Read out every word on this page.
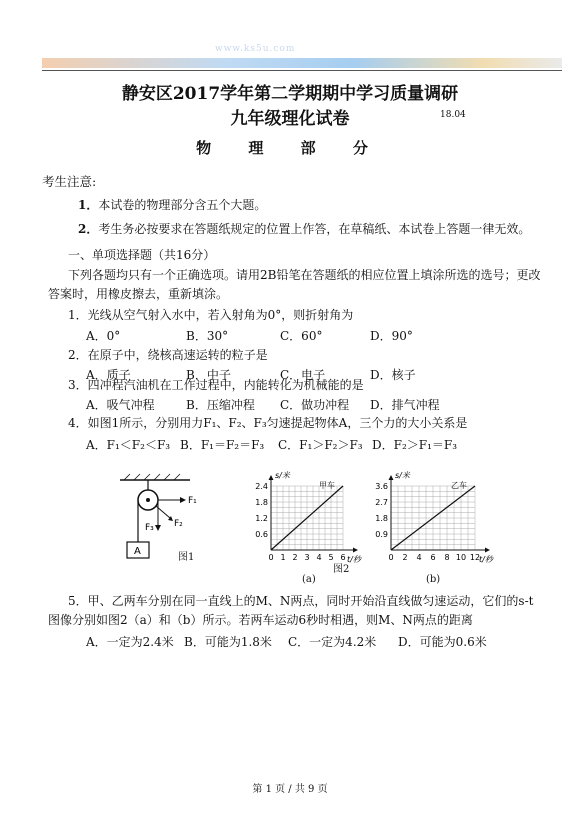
www.ks5u.com
静安区2017学年第二学期期中学习质量调研
九年级理化试卷	18.04
物 理 部 分
考生注意:
1．本试卷的物理部分含五个大题。
2．考生务必按要求在答题纸规定的位置上作答，在草稿纸、本试卷上答题一律无效。
一、单项选择题（共16分）
下列各题均只有一个正确选项。请用2B铅笔在答题纸的相应位置上填涂所选的选号；更改
答案时，用橡皮擦去，重新填涂。
1．光线从空气射入水中，若入射角为0°，则折射角为
A．0°	B．30°	C．60°	D．90°
2．在原子中，绕核高速运转的粒子是
A．质子	B．中子	C．电子	D．核子
3．四冲程汽油机在工作过程中，内能转化为机械能的是
A．吸气冲程	B．压缩冲程 C．做功冲程 D．排气冲程
4．如图1所示，分别用力F₁、F₂、F₃匀速提起物体A，三个力的大小关系是
A．F₁＜F₂＜F₃ B．F₁＝F₂＝F₃ C．F₁＞F₂＞F₃ D．F₂＞F₁＝F₃
A
F₁
F₂
F₃
图1
s/米
t/秒
甲车
0 1 2 3 4 5 6
0.6
1.2
1.8
2.4
s/米
t/秒
乙车
0 2 4 6 8 10 12
0.9
1.8
2.7
3.6
图2
(a)	(b)
5．甲、乙两车分别在同一直线上的M、N两点，同时开始沿直线做匀速运动，它们的s-t
图像分别如图2（a）和（b）所示。若两车运动6秒时相遇，则M、N两点的距离
A．一定为2.4米 B．可能为1.8米 C．一定为4.2米 D．可能为0.6米
第 1 页 / 共 9 页
